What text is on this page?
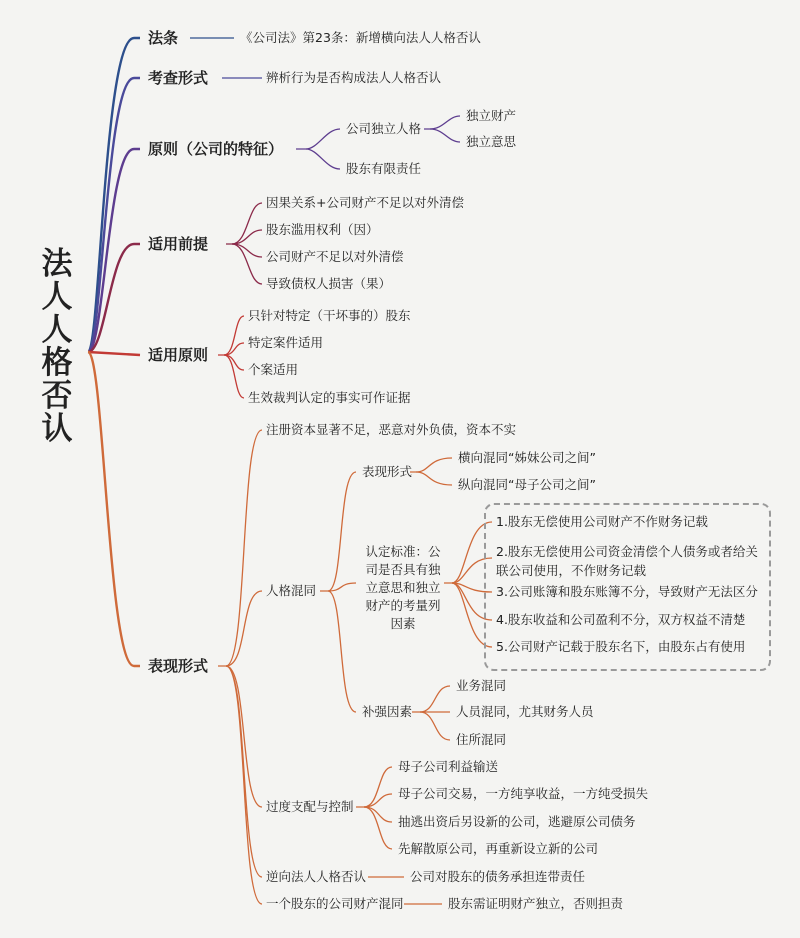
法
人
人
格
否
认
法条	《公司法》第23条：新增横向法人人格否认
考查形式	辨析行为是否构成法人人格否认
原则（公司的特征）
公司独立人格
独立财产
独立意思
股东有限责任
适用前提
因果关系+公司财产不足以对外清偿
股东滥用权利（因）
公司财产不足以对外清偿
导致债权人损害（果）
适用原则
只针对特定（干坏事的）股东
特定案件适用
个案适用
生效裁判认定的事实可作证据
表现形式
注册资本显著不足，恶意对外负债，资本不实
人格混同
表现形式
横向混同“姊妹公司之间”
纵向混同“母子公司之间”
认定标准：公司是否具有独立意思和独立财产的考量列因素
1.股东无偿使用公司财产不作财务记载
2.股东无偿使用公司资金清偿个人债务或者给关联公司使用，不作财务记载
3.公司账簿和股东账簿不分，导致财产无法区分
4.股东收益和公司盈利不分，双方权益不清楚
5.公司财产记载于股东名下，由股东占有使用
补强因素
业务混同
人员混同，尤其财务人员
住所混同
过度支配与控制
母子公司利益输送
母子公司交易，一方纯享收益，一方纯受损失
抽逃出资后另设新的公司，逃避原公司债务
先解散原公司，再重新设立新的公司
逆向法人人格否认	公司对股东的债务承担连带责任
一个股东的公司财产混同	股东需证明财产独立，否则担责
